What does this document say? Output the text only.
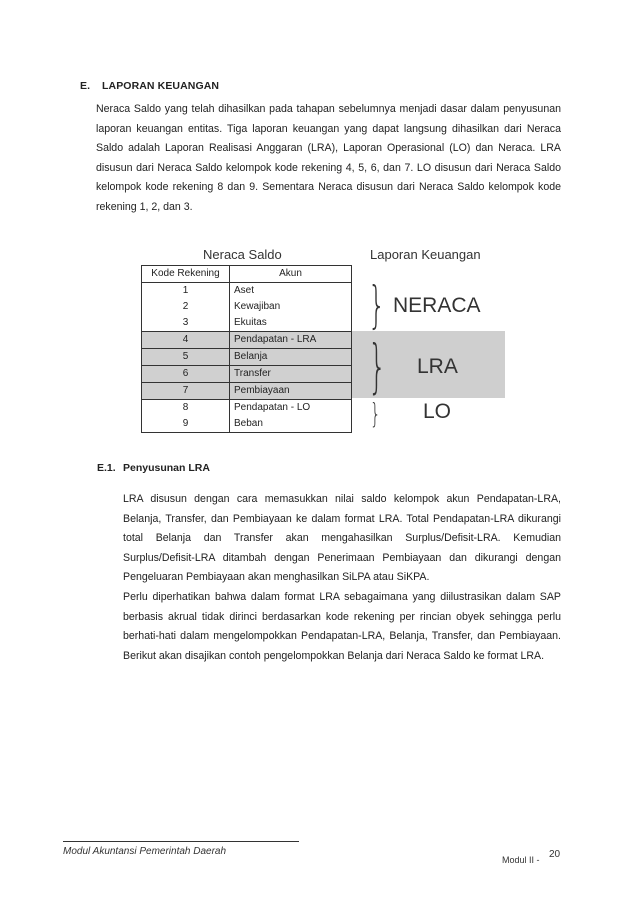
E. LAPORAN KEUANGAN
Neraca Saldo yang telah dihasilkan pada tahapan sebelumnya menjadi dasar dalam penyusunan laporan keuangan entitas. Tiga laporan keuangan yang dapat langsung dihasilkan dari Neraca Saldo adalah Laporan Realisasi Anggaran (LRA), Laporan Operasional (LO) dan Neraca. LRA disusun dari Neraca Saldo kelompok kode rekening 4, 5, 6, dan 7. LO disusun dari Neraca Saldo kelompok kode rekening 8 dan 9. Sementara Neraca disusun dari Neraca Saldo kelompok kode rekening 1, 2, dan 3.
Neraca Saldo	Laporan Keuangan
Kode Rekening	Akun
1	Aset
2	Kewajiban
3	Ekuitas
4	Pendapatan - LRA
5	Belanja
6	Transfer
7	Pembiayaan
8	Pendapatan - LO
9	Beban
}
}
}
NERACA
LRA
LO
E.1. Penyusunan LRA
LRA disusun dengan cara memasukkan nilai saldo kelompok akun Pendapatan-LRA, Belanja, Transfer, dan Pembiayaan ke dalam format LRA. Total Pendapatan-LRA dikurangi total Belanja dan Transfer akan mengahasilkan Surplus/Defisit-LRA. Kemudian Surplus/Defisit-LRA ditambah dengan Penerimaan Pembiayaan dan dikurangi dengan Pengeluaran Pembiayaan akan menghasilkan SiLPA atau SiKPA.
Perlu diperhatikan bahwa dalam format LRA sebagaimana yang diilustrasikan dalam SAP berbasis akrual tidak dirinci berdasarkan kode rekening per rincian obyek sehingga perlu berhati-hati dalam mengelompokkan Pendapatan-LRA, Belanja, Transfer, dan Pembiayaan. Berikut akan disajikan contoh pengelompokkan Belanja dari Neraca Saldo ke format LRA.
Modul Akuntansi Pemerintah Daerah
Modul II - 20
